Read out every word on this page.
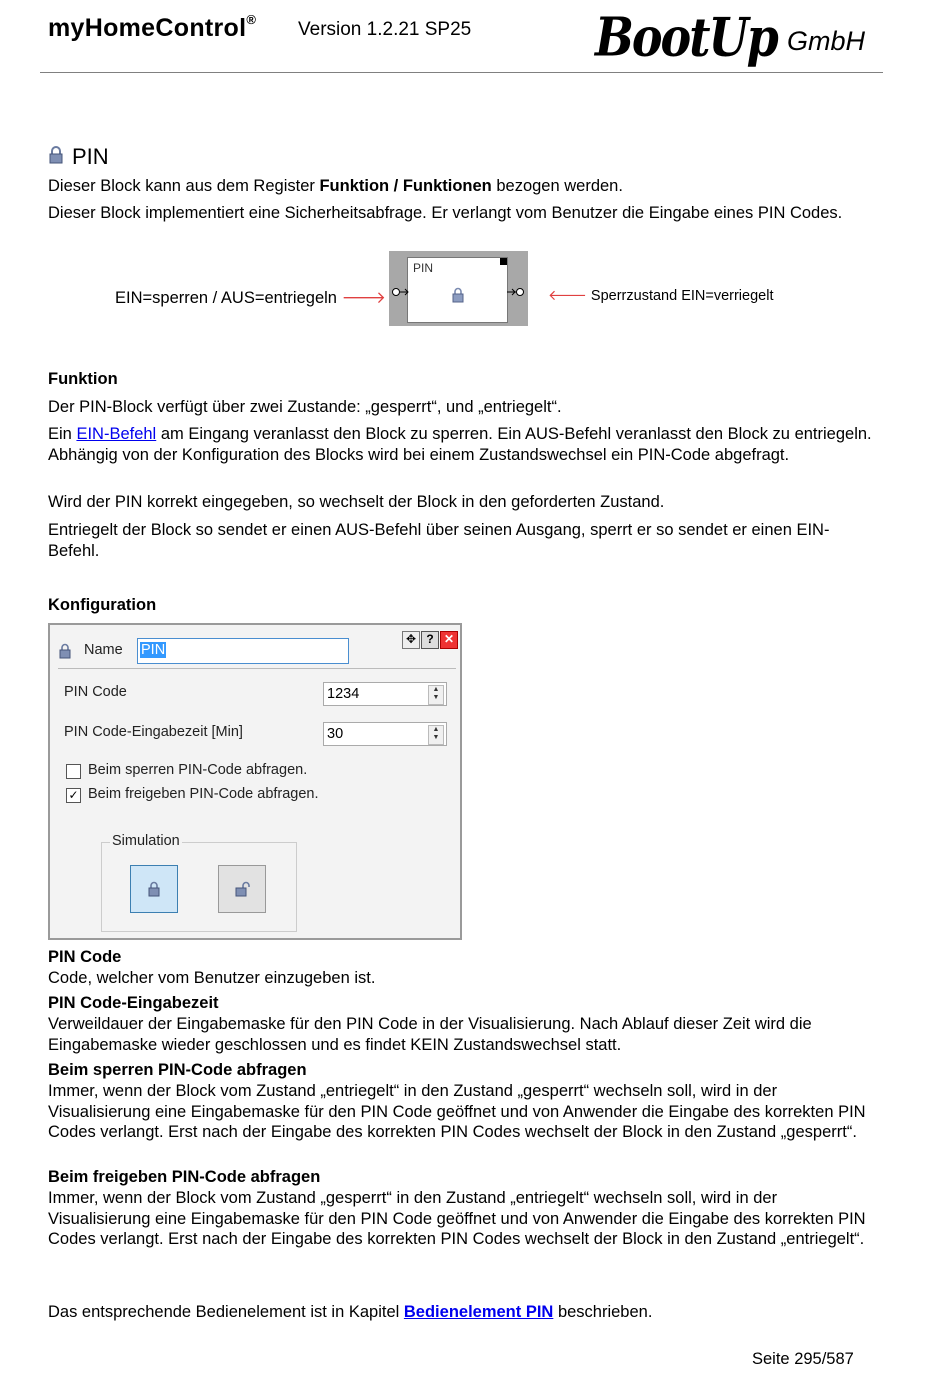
myHomeControl® Version 1.2.21 SP25	BootUp GmbH
PIN
Dieser Block kann aus dem Register Funktion / Funktionen bezogen werden.
Dieser Block implementiert eine Sicherheitsabfrage. Er verlangt vom Benutzer die Eingabe eines PIN Codes.
EIN=sperren / AUS=entriegeln 🡒
PIN
🡐 Sperrzustand EIN=verriegelt
Funktion
Der PIN-Block verfügt über zwei Zustande: „gesperrt“, und „entriegelt“.
Ein EIN-Befehl am Eingang veranlasst den Block zu sperren. Ein AUS-Befehl veranlasst den Block zu entriegeln. Abhängig von der Konfiguration des Blocks wird bei einem Zustandswechsel ein PIN-Code abgefragt.
Wird der PIN korrekt eingegeben, so wechselt der Block in den geforderten Zustand.
Entriegelt der Block so sendet er einen AUS-Befehl über seinen Ausgang, sperrt er so sendet er einen EIN-Befehl.
Konfiguration
Name PIN
✥ ? ✕
PIN Code	1234	▲
▼
PIN Code-Eingabezeit [Min]	30	▲
▼
Beim sperren PIN-Code abfragen.
✓ Beim freigeben PIN-Code abfragen.
Simulation
PIN Code
Code, welcher vom Benutzer einzugeben ist.
PIN Code-Eingabezeit
Verweildauer der Eingabemaske für den PIN Code in der Visualisierung. Nach Ablauf dieser Zeit wird die Eingabemaske wieder geschlossen und es findet KEIN Zustandswechsel statt.
Beim sperren PIN-Code abfragen
Immer, wenn der Block vom Zustand „entriegelt“ in den Zustand „gesperrt“ wechseln soll, wird in der Visualisierung eine Eingabemaske für den PIN Code geöffnet und von Anwender die Eingabe des korrekten PIN Codes verlangt. Erst nach der Eingabe des korrekten PIN Codes wechselt der Block in den Zustand „gesperrt“.
Beim freigeben PIN-Code abfragen
Immer, wenn der Block vom Zustand „gesperrt“ in den Zustand „entriegelt“ wechseln soll, wird in der Visualisierung eine Eingabemaske für den PIN Code geöffnet und von Anwender die Eingabe des korrekten PIN Codes verlangt. Erst nach der Eingabe des korrekten PIN Codes wechselt der Block in den Zustand „entriegelt“.
Das entsprechende Bedienelement ist in Kapitel Bedienelement PIN beschrieben.
Seite 295/587
